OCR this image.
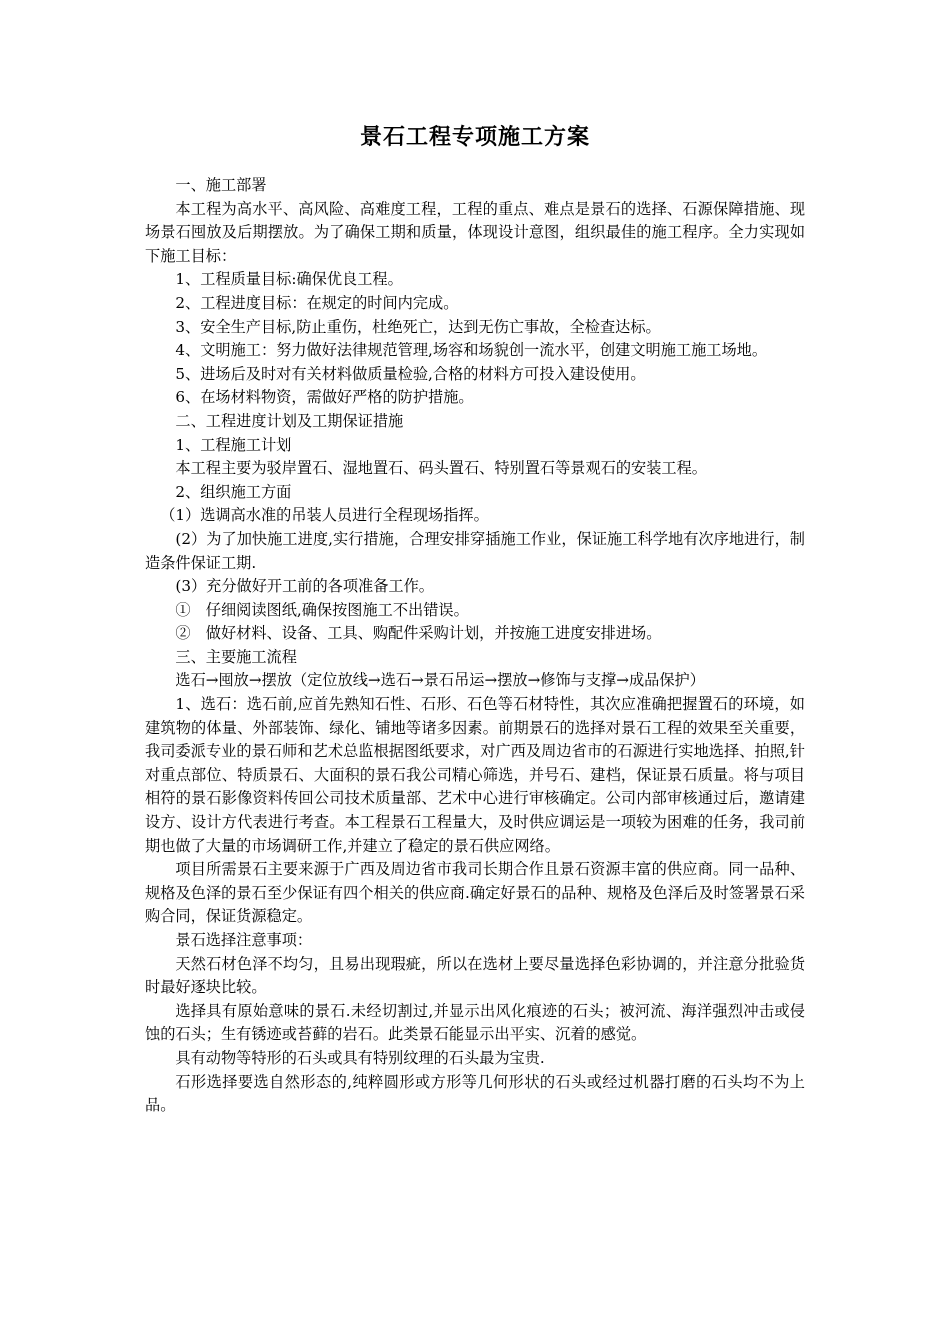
景石工程专项施工方案

一、施工部署

本工程为高水平、高风险、高难度工程，工程的重点、难点是景石的选择、石源保障措施、现场景石囤放及后期摆放。为了确保工期和质量，体现设计意图，组织最佳的施工程序。全力实现如下施工目标：

1、工程质量目标:确保优良工程。

2、工程进度目标：在规定的时间内完成。

3、安全生产目标,防止重伤，杜绝死亡，达到无伤亡事故，全检查达标。

4、文明施工：努力做好法律规范管理,场容和场貌创一流水平，创建文明施工施工场地。

5、进场后及时对有关材料做质量检验,合格的材料方可投入建设使用。

6、在场材料物资，需做好严格的防护措施。

二、工程进度计划及工期保证措施

1、工程施工计划

本工程主要为驳岸置石、湿地置石、码头置石、特别置石等景观石的安装工程。

2、组织施工方面

（1）选调高水准的吊装人员进行全程现场指挥。

(2）为了加快施工进度,实行措施，合理安排穿插施工作业，保证施工科学地有次序地进行，制造条件保证工期.

(3）充分做好开工前的各项准备工作。

①　仔细阅读图纸,确保按图施工不出错误。

②　做好材料、设备、工具、购配件采购计划，并按施工进度安排进场。

三、主要施工流程

选石→囤放→摆放（定位放线→选石→景石吊运→摆放→修饰与支撑→成品保护）

1、选石：选石前,应首先熟知石性、石形、石色等石材特性，其次应准确把握置石的环境，如建筑物的体量、外部装饰、绿化、铺地等诸多因素。前期景石的选择对景石工程的效果至关重要，我司委派专业的景石师和艺术总监根据图纸要求，对广西及周边省市的石源进行实地选择、拍照,针对重点部位、特质景石、大面积的景石我公司精心筛选，并号石、建档，保证景石质量。将与项目相符的景石影像资料传回公司技术质量部、艺术中心进行审核确定。公司内部审核通过后，邀请建设方、设计方代表进行考查。本工程景石工程量大，及时供应调运是一项较为困难的任务，我司前期也做了大量的市场调研工作,并建立了稳定的景石供应网络。

项目所需景石主要来源于广西及周边省市我司长期合作且景石资源丰富的供应商。同一品种、规格及色泽的景石至少保证有四个相关的供应商.确定好景石的品种、规格及色泽后及时签署景石采购合同，保证货源稳定。

景石选择注意事项：

天然石材色泽不均匀，且易出现瑕疵，所以在选材上要尽量选择色彩协调的，并注意分批验货时最好逐块比较。

选择具有原始意味的景石.未经切割过,并显示出风化痕迹的石头；被河流、海洋强烈冲击或侵蚀的石头；生有锈迹或苔藓的岩石。此类景石能显示出平实、沉着的感觉。

具有动物等特形的石头或具有特别纹理的石头最为宝贵.

石形选择要选自然形态的,纯粹圆形或方形等几何形状的石头或经过机器打磨的石头均不为上品。
